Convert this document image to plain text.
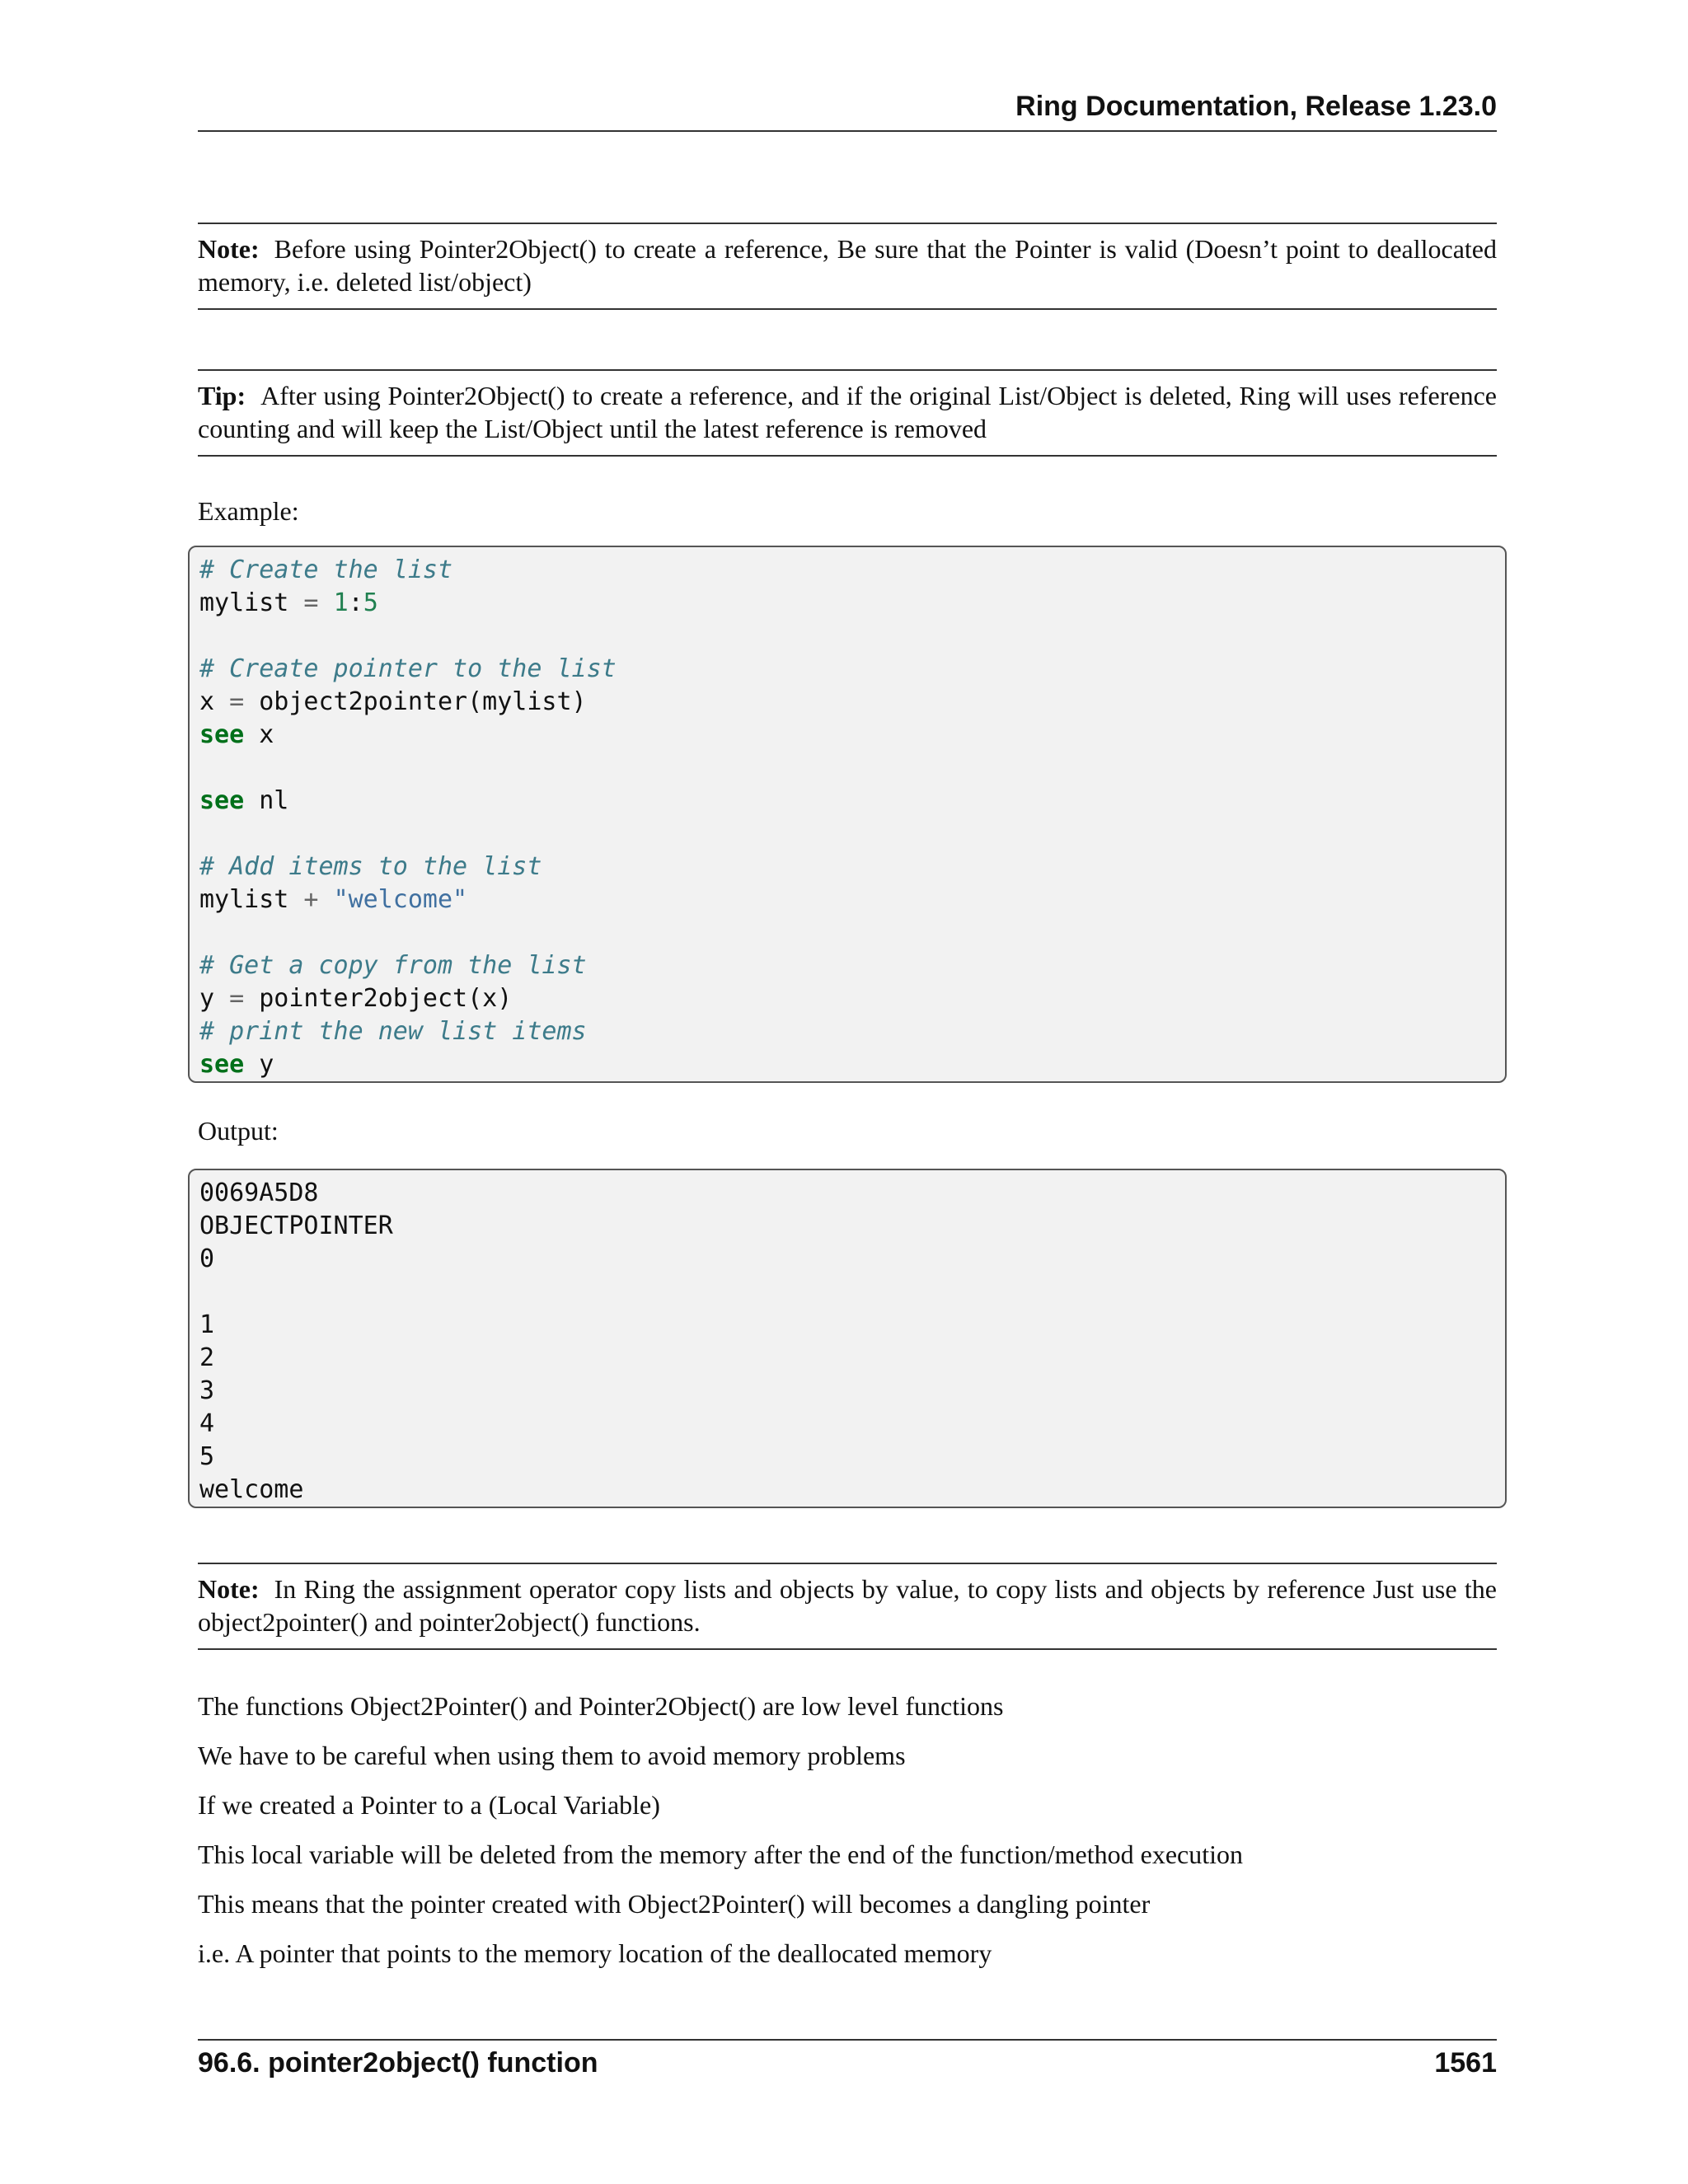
Ring Documentation, Release 1.23.0
Note: Before using Pointer2Object() to create a reference, Be sure that the Pointer is valid (Doesn’t point to deallocated memory, i.e. deleted list/object)
Tip: After using Pointer2Object() to create a reference, and if the original List/Object is deleted, Ring will uses reference counting and will keep the List/Object until the latest reference is removed
Example:
# Create the list
mylist = 1:5
# Create pointer to the list
x = object2pointer(mylist)
see x
see nl
# Add items to the list
mylist + "welcome"
# Get a copy from the list
y = pointer2object(x)
# print the new list items
see y
Output:
0069A5D8
OBJECTPOINTER
0
1
2
3
4
5
welcome
Note: In Ring the assignment operator copy lists and objects by value, to copy lists and objects by reference Just use the object2pointer() and pointer2object() functions.
The functions Object2Pointer() and Pointer2Object() are low level functions
We have to be careful when using them to avoid memory problems
If we created a Pointer to a (Local Variable)
This local variable will be deleted from the memory after the end of the function/method execution
This means that the pointer created with Object2Pointer() will becomes a dangling pointer
i.e. A pointer that points to the memory location of the deallocated memory
96.6. pointer2object() function	1561
